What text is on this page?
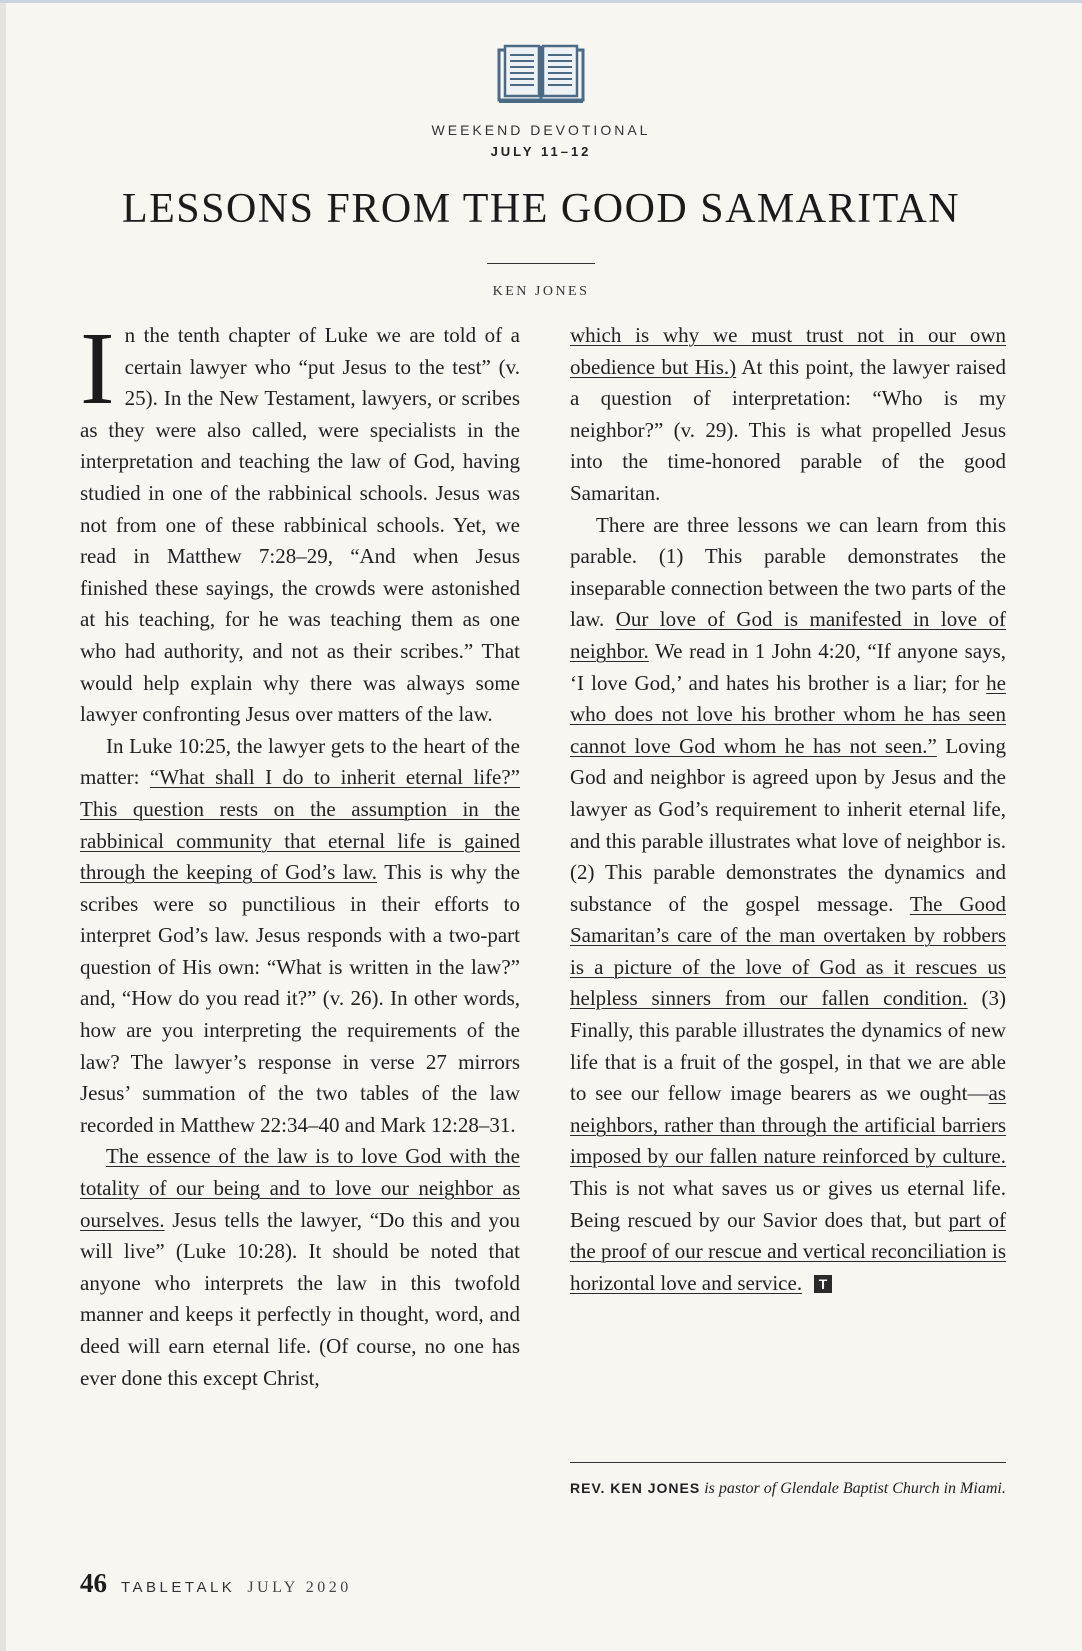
WEEKEND DEVOTIONAL
JULY 11–12
LESSONS FROM THE GOOD SAMARITAN
KEN JONES

In the tenth chapter of Luke we are told of a certain lawyer who “put Jesus to the test” (v. 25). In the New Testament, lawyers, or scribes as they were also called, were specialists in the interpretation and teaching the law of God, having studied in one of the rabbinical schools. Jesus was not from one of these rabbinical schools. Yet, we read in Matthew 7:28–29, “And when Jesus finished these sayings, the crowds were astonished at his teaching, for he was teaching them as one who had authority, and not as their scribes.” That would help explain why there was always some lawyer confronting Jesus over matters of the law.

In Luke 10:25, the lawyer gets to the heart of the matter: “What shall I do to inherit eternal life?” This question rests on the assumption in the rabbinical community that eternal life is gained through the keeping of God’s law. This is why the scribes were so punctilious in their efforts to interpret God’s law. Jesus responds with a two-part question of His own: “What is written in the law?” and, “How do you read it?” (v. 26). In other words, how are you interpreting the requirements of the law? The lawyer’s response in verse 27 mirrors Jesus’ summation of the two tables of the law recorded in Matthew 22:34–40 and Mark 12:28–31.

The essence of the law is to love God with the totality of our being and to love our neighbor as ourselves. Jesus tells the lawyer, “Do this and you will live” (Luke 10:28). It should be noted that anyone who interprets the law in this twofold manner and keeps it perfectly in thought, word, and deed will earn eternal life. (Of course, no one has ever done this except Christ,

which is why we must trust not in our own obedience but His.) At this point, the lawyer raised a question of interpretation: “Who is my neighbor?” (v. 29). This is what propelled Jesus into the time-honored parable of the good Samaritan.

There are three lessons we can learn from this parable. (1) This parable demonstrates the inseparable connection between the two parts of the law. Our love of God is manifested in love of neighbor. We read in 1 John 4:20, “If anyone says, ‘I love God,’ and hates his brother is a liar; for he who does not love his brother whom he has seen cannot love God whom he has not seen.” Loving God and neighbor is agreed upon by Jesus and the lawyer as God’s requirement to inherit eternal life, and this parable illustrates what love of neighbor is. (2) This parable demonstrates the dynamics and substance of the gospel message. The Good Samaritan’s care of the man overtaken by robbers is a picture of the love of God as it rescues us helpless sinners from our fallen condition. (3) Finally, this parable illustrates the dynamics of new life that is a fruit of the gospel, in that we are able to see our fellow image bearers as we ought—as neighbors, rather than through the artificial barriers imposed by our fallen nature reinforced by culture. This is not what saves us or gives us eternal life. Being rescued by our Savior does that, but part of the proof of our rescue and vertical reconciliation is horizontal love and service. T

REV. KEN JONES is pastor of Glendale Baptist Church in Miami.
46 TABLETALK JULY 2020
